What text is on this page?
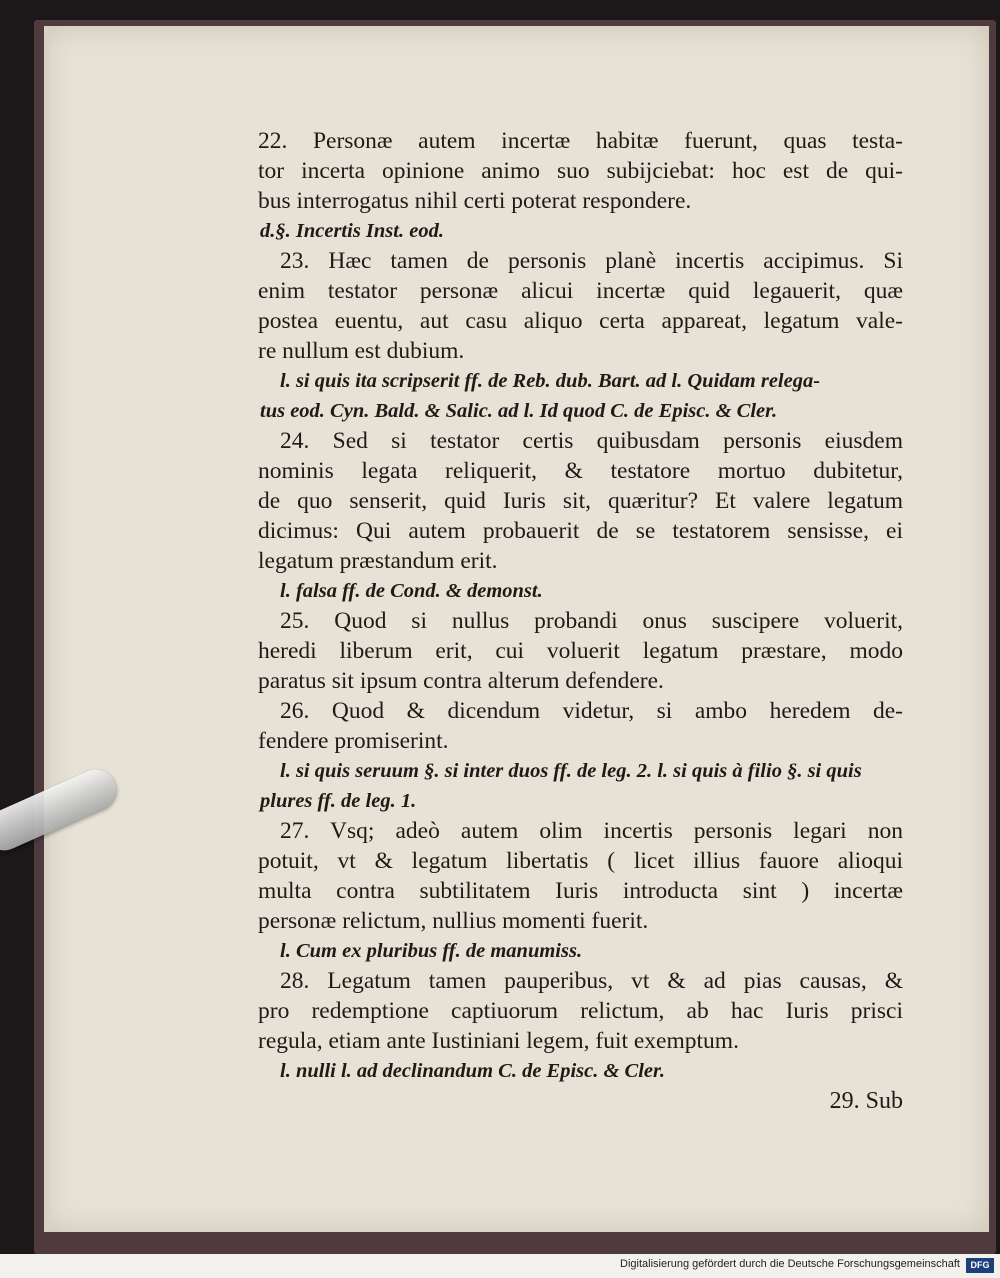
22. Personæ autem incertæ habitæ fuerunt, quas testa-
tor incerta opinione animo suo subijciebat: hoc est de qui-
bus interrogatus nihil certi poterat respondere.
d.§. Incertis Inst. eod.
23. Hæc tamen de personis planè incertis accipimus. Si
enim testator personæ alicui incertæ quid legauerit, quæ
postea euentu, aut casu aliquo certa appareat, legatum vale-
re nullum est dubium.
l. si quis ita scripserit ff. de Reb. dub. Bart. ad l. Quidam relega-
tus eod. Cyn. Bald. & Salic. ad l. Id quod C. de Episc. & Cler.
24. Sed si testator certis quibusdam personis eiusdem
nominis legata reliquerit, & testatore mortuo dubitetur,
de quo senserit, quid Iuris sit, quæritur? Et valere legatum
dicimus: Qui autem probauerit de se testatorem sensisse, ei
legatum præstandum erit.
l. falsa ff. de Cond. & demonst.
25. Quod si nullus probandi onus suscipere voluerit,
heredi liberum erit, cui voluerit legatum præstare, modo
paratus sit ipsum contra alterum defendere.
26. Quod & dicendum videtur, si ambo heredem de-
fendere promiserint.
l. si quis seruum §. si inter duos ff. de leg. 2. l. si quis à filio §. si quis
plures ff. de leg. 1.
27. Vsq; adeò autem olim incertis personis legari non
potuit, vt & legatum libertatis ( licet illius fauore alioqui
multa contra subtilitatem Iuris introducta sint ) incertæ
personæ relictum, nullius momenti fuerit.
l. Cum ex pluribus ff. de manumiss.
28. Legatum tamen pauperibus, vt & ad pias causas, &
pro redemptione captiuorum relictum, ab hac Iuris prisci
regula, etiam ante Iustiniani legem, fuit exemptum.
l. nulli l. ad declinandum C. de Episc. & Cler.
29. Sub
Digitalisierung gefördert durch die Deutsche Forschungsgemeinschaft	DFG
